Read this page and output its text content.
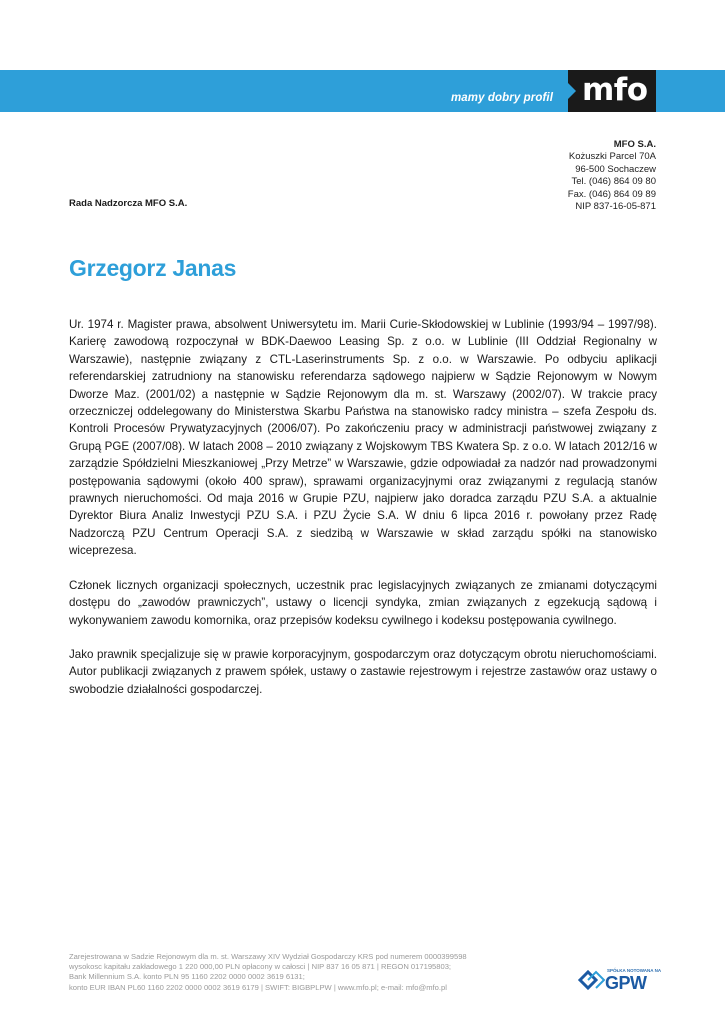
mamy dobry profil mfo
MFO S.A.
Kożuszki Parcel 70A
96-500 Sochaczew
Tel. (046) 864 09 80
Fax. (046) 864 09 89
NIP 837-16-05-871
Rada Nadzorcza MFO S.A.
Grzegorz Janas

Ur. 1974 r. Magister prawa, absolwent Uniwersytetu im. Marii Curie-Skłodowskiej w Lublinie (1993/94 – 1997/98). Karierę zawodową rozpoczynał w BDK-Daewoo Leasing Sp. z o.o. w Lublinie (III Oddział Regionalny w Warszawie), następnie związany z CTL-Laserinstruments Sp. z o.o. w Warszawie. Po odbyciu aplikacji referendarskiej zatrudniony na stanowisku referendarza sądowego najpierw w Sądzie Rejonowym w Nowym Dworze Maz. (2001/02) a następnie w Sądzie Rejonowym dla m. st. Warszawy (2002/07). W trakcie pracy orzeczniczej oddelegowany do Ministerstwa Skarbu Państwa na stanowisko radcy ministra – szefa Zespołu ds. Kontroli Procesów Prywatyzacyjnych (2006/07). Po zakończeniu pracy w administracji państwowej związany z Grupą PGE (2007/08). W latach 2008 – 2010 związany z Wojskowym TBS Kwatera Sp. z o.o. W latach 2012/16 w zarządzie Spółdzielni Mieszkaniowej „Przy Metrze” w Warszawie, gdzie odpowiadał za nadzór nad prowadzonymi postępowania sądowymi (około 400 spraw), sprawami organizacyjnymi oraz związanymi z regulacją stanów prawnych nieruchomości. Od maja 2016 w Grupie PZU, najpierw jako doradca zarządu PZU S.A. a aktualnie Dyrektor Biura Analiz Inwestycji PZU S.A. i PZU Życie S.A. W dniu 6 lipca 2016 r. powołany przez Radę Nadzorczą PZU Centrum Operacji S.A. z siedzibą w Warszawie w skład zarządu spółki na stanowisko wiceprezesa.

Członek licznych organizacji społecznych, uczestnik prac legislacyjnych związanych ze zmianami dotyczącymi dostępu do „zawodów prawniczych”, ustawy o licencji syndyka, zmian związanych z egzekucją sądową i wykonywaniem zawodu komornika, oraz przepisów kodeksu cywilnego i kodeksu postępowania cywilnego.

Jako prawnik specjalizuje się w prawie korporacyjnym, gospodarczym oraz dotyczącym obrotu nieruchomościami. Autor publikacji związanych z prawem spółek, ustawy o zastawie rejestrowym i rejestrze zastawów oraz ustawy o swobodzie działalności gospodarczej.

Zarejestrowana w Sadzie Rejonowym dla m. st. Warszawy XIV Wydział Gospodarczy KRS pod numerem 0000399598
wysokosc kapitału zakładowego 1 220 000,00 PLN opłacony w całosci | NIP 837 16 05 871 | REGON 017195803;
Bank Millennium S.A. konto PLN 95 1160 2202 0000 0002 3619 6131;
konto EUR IBAN PL60 1160 2202 0000 0002 3619 6179 | SWIFT: BIGBPLPW | www.mfo.pl; e-mail: mfo@mfo.pl
SPÓŁKA NOTOWANA NA
GPW
